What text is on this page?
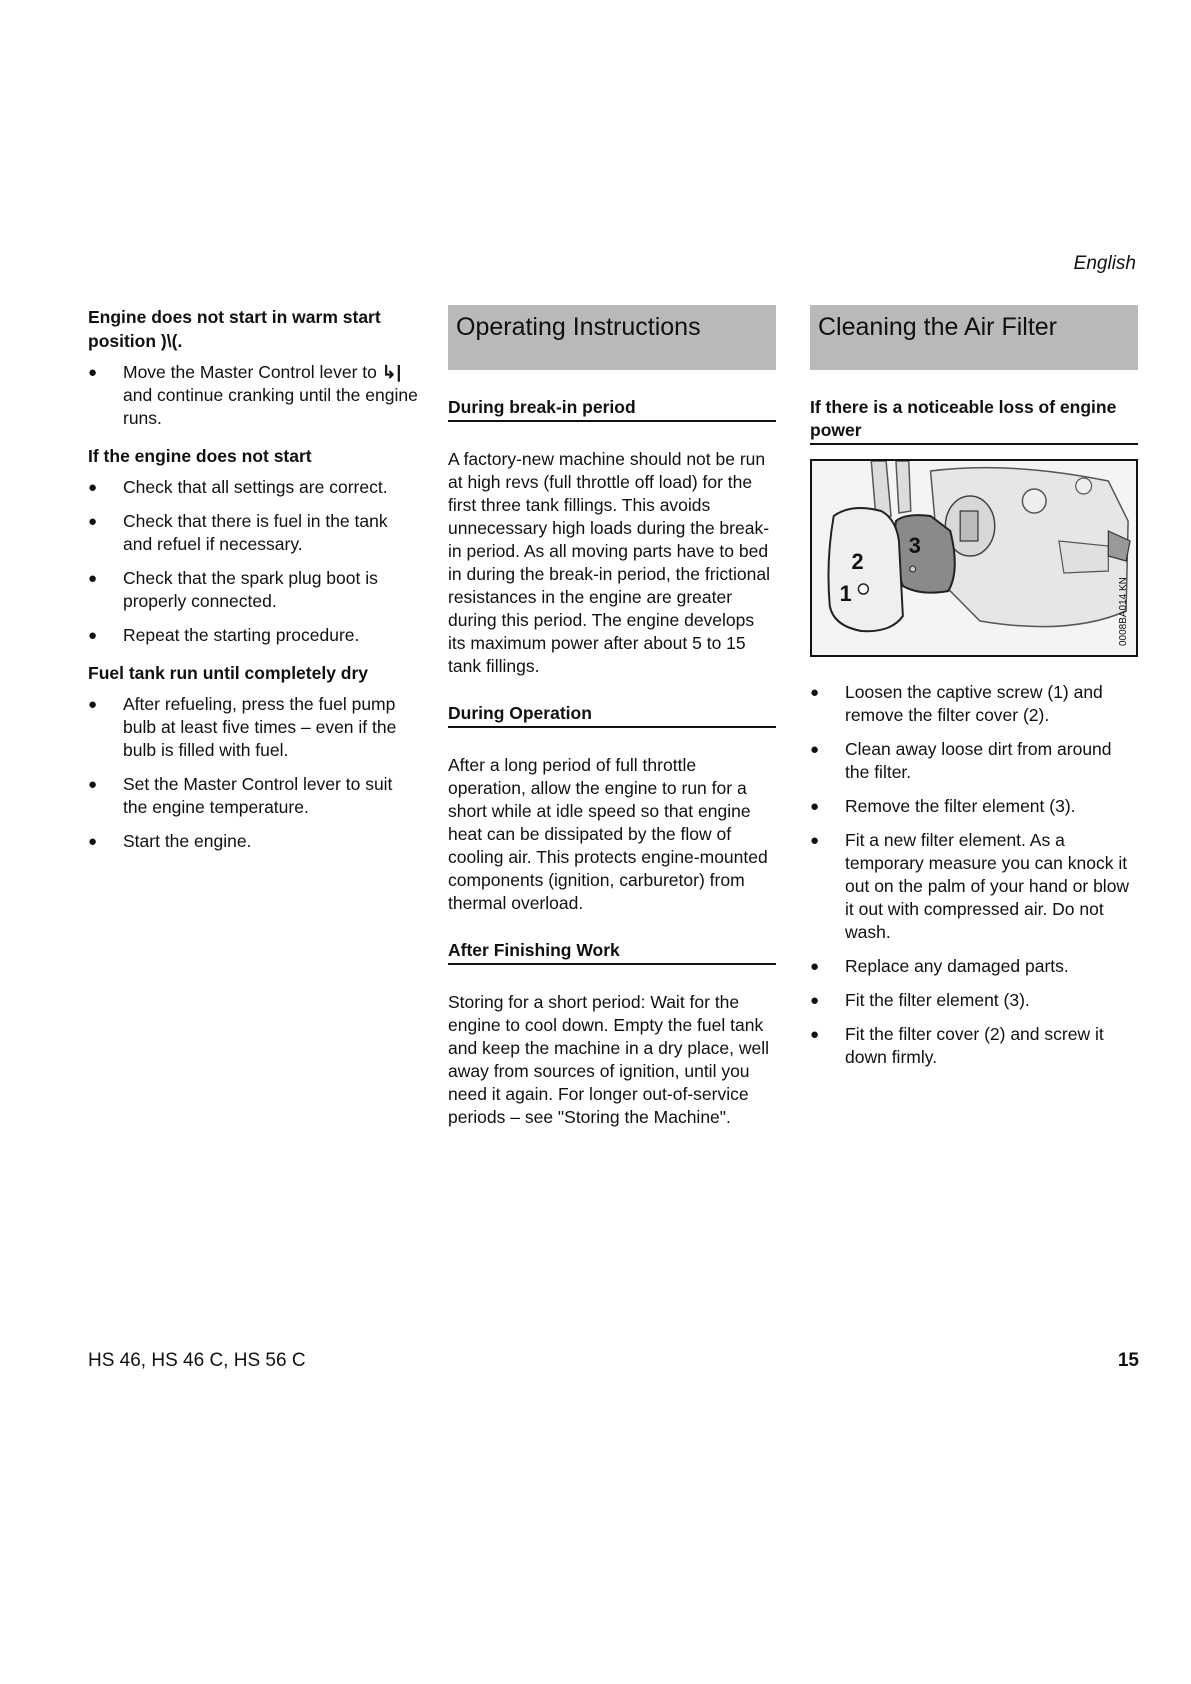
English
Engine does not start in warm start position )\(.
● Move the Master Control lever to ↳| and continue cranking until the engine runs.
If the engine does not start
● Check that all settings are correct.
● Check that there is fuel in the tank and refuel if necessary.
● Check that the spark plug boot is properly connected.
● Repeat the starting procedure.
Fuel tank run until completely dry
● After refueling, press the fuel pump bulb at least five times – even if the bulb is filled with fuel.
● Set the Master Control lever to suit the engine temperature.
● Start the engine.
Operating Instructions
During break-in period

A factory-new machine should not be run at high revs (full throttle off load) for the first three tank fillings. This avoids unnecessary high loads during the break-in period. As all moving parts have to bed in during the break-in period, the frictional resistances in the engine are greater during this period. The engine develops its maximum power after about 5 to 15 tank fillings.

During Operation

After a long period of full throttle operation, allow the engine to run for a short while at idle speed so that engine heat can be dissipated by the flow of cooling air. This protects engine-mounted components (ignition, carburetor) from thermal overload.

After Finishing Work

Storing for a short period: Wait for the engine to cool down. Empty the fuel tank and keep the machine in a dry place, well away from sources of ignition, until you need it again. For longer out-of-service periods – see "Storing the Machine".

Cleaning the Air Filter
If there is a noticeable loss of engine power
2
1
3
0008BA014 KN
● Loosen the captive screw (1) and remove the filter cover (2).
● Clean away loose dirt from around the filter.
● Remove the filter element (3).
● Fit a new filter element. As a temporary measure you can knock it out on the palm of your hand or blow it out with compressed air. Do not wash.
● Replace any damaged parts.
● Fit the filter element (3).
● Fit the filter cover (2) and screw it down firmly.
HS 46, HS 46 C, HS 56 C	15
